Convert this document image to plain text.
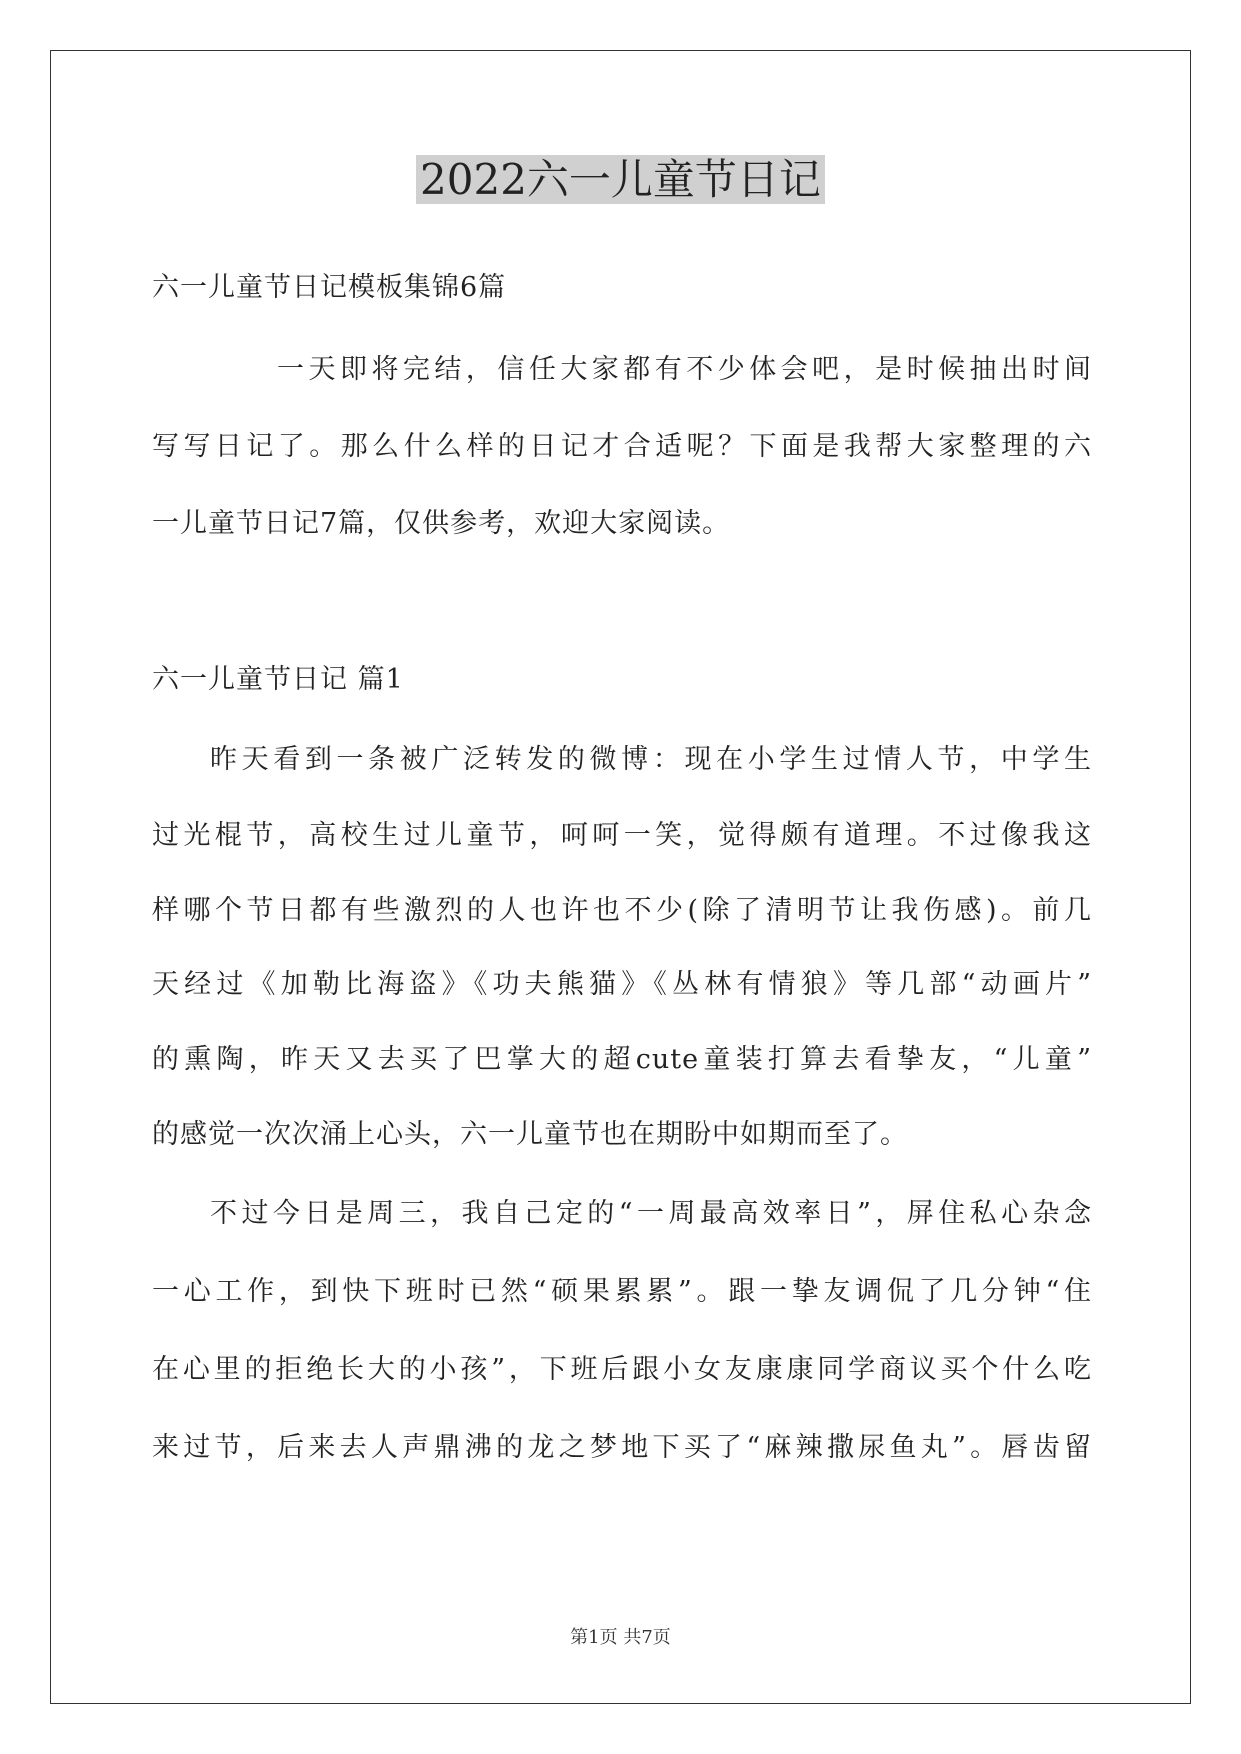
2022六一儿童节日记
六一儿童节日记模板集锦6篇
一天即将完结，信任大家都有不少体会吧，是时候抽出时间
写写日记了。那么什么样的日记才合适呢？下面是我帮大家整理的六
一儿童节日记7篇，仅供参考，欢迎大家阅读。
六一儿童节日记 篇1
昨天看到一条被广泛转发的微博：现在小学生过情人节，中学生
过光棍节，高校生过儿童节，呵呵一笑，觉得颇有道理。不过像我这
样哪个节日都有些激烈的人也许也不少(除了清明节让我伤感)。前几
天经过《加勒比海盗》《功夫熊猫》《丛林有情狼》等几部“动画片”
的熏陶，昨天又去买了巴掌大的超cute童装打算去看挚友，“儿童”
的感觉一次次涌上心头，六一儿童节也在期盼中如期而至了。
不过今日是周三，我自己定的“一周最高效率日”，屏住私心杂念
一心工作，到快下班时已然“硕果累累”。跟一挚友调侃了几分钟“住
在心里的拒绝长大的小孩”，下班后跟小女友康康同学商议买个什么吃
来过节，后来去人声鼎沸的龙之梦地下买了“麻辣撒尿鱼丸”。唇齿留
第1页 共7页
